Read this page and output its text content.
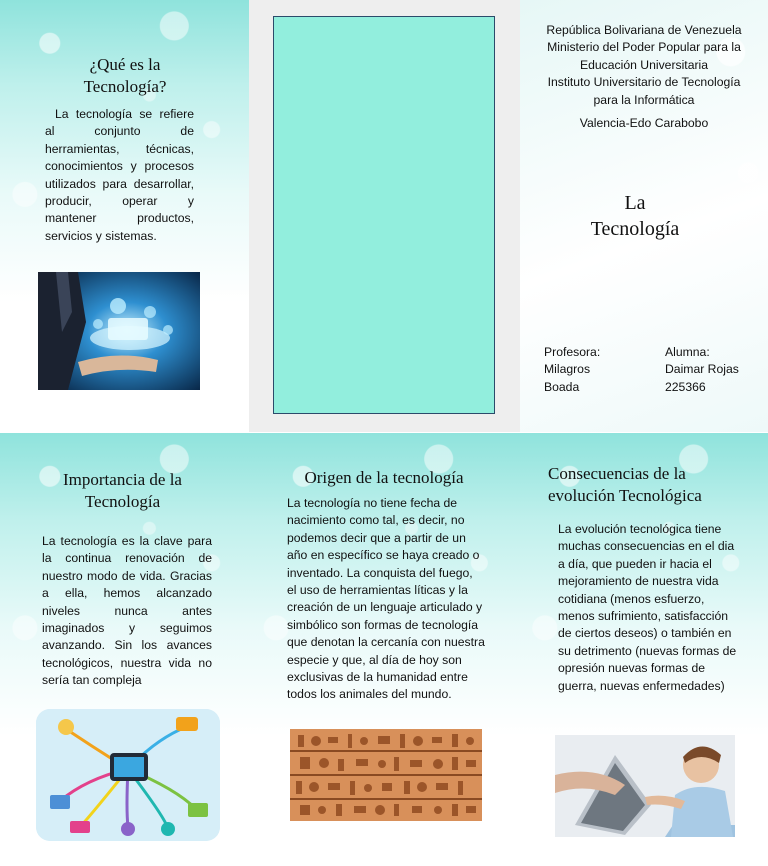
¿Qué es la Tecnología?
La tecnología se refiere al conjunto de herramientas, técnicas, conocimientos y procesos utilizados para desarrollar, producir, operar y mantener productos, servicios y sistemas.
República Bolivariana de Venezuela
Ministerio del Poder Popular para la
Educación Universitaria
Instituto Universitario de Tecnología
para la Informática
Valencia-Edo Carabobo
La
Tecnología
Profesora:
Milagros
Boada
Alumna:
Daimar Rojas
225366
Importancia de la Tecnología
La tecnología es la clave para la continua renovación de nuestro modo de vida. Gracias a ella, hemos alcanzado niveles nunca antes imaginados y seguimos avanzando. Sin los avances tecnológicos, nuestra vida no sería tan compleja
Origen de la tecnología
La tecnología no tiene fecha de nacimiento como tal, es decir, no podemos decir que a partir de un año en específico se haya creado o inventado. La conquista del fuego, el uso de herramientas líticas y la creación de un lenguaje articulado y simbólico son formas de tecnología que denotan la cercanía con nuestra especie y que, al día de hoy son exclusivas de la humanidad entre todos los animales del mundo.
Consecuencias de la evolución Tecnológica
La evolución tecnológica tiene muchas consecuencias en el dia a día, que pueden ir hacia el mejoramiento de nuestra vida cotidiana (menos esfuerzo, menos sufrimiento, satisfacción de ciertos deseos) o también en su detrimento (nuevas formas de opresión nuevas formas de guerra, nuevas enfermedades)
